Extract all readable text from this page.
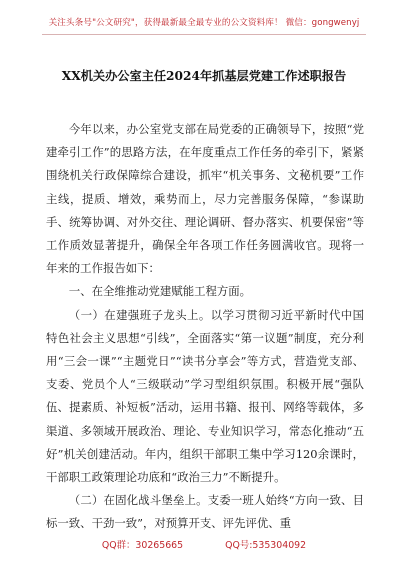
关注头条号"公文研究"，获得最新最全最专业的公文资料库！ 微信：gongwenyj
XX机关办公室主任2024年抓基层党建工作述职报告

今年以来，办公室党支部在局党委的正确领导下，按照“党建牵引工作”的思路方法，在年度重点工作任务的牵引下，紧紧围绕机关行政保障综合建设，抓牢“机关事务、文秘机要”工作主线，提质、增效，乘势而上，尽力完善服务保障，“参谋助手、统筹协调、对外交往、理论调研、督办落实、机要保密”等工作质效显著提升，确保全年各项工作任务圆满收官。现将一年来的工作报告如下：

一、在全维推动党建赋能工程方面。

（一）在建强班子龙头上。以学习贯彻习近平新时代中国特色社会主义思想“引线”，全面落实“第一议题”制度，充分利用“三会一课”“主题党日”“读书分享会”等方式，营造党支部、支委、党员个人“三级联动”学习型组织氛围。积极开展“强队伍、提素质、补短板”活动，运用书籍、报刊、网络等载体，多渠道、多领域开展政治、理论、专业知识学习，常态化推动“五好”机关创建活动。年内，组织干部职工集中学习120余课时，干部职工政策理论功底和“政治三力”不断提升。

（二）在固化战斗堡垒上。支委一班人始终“方向一致、目标一致、干劲一致”，对预算开支、评先评优、重

QQ群：30265665	QQ号:535304092
